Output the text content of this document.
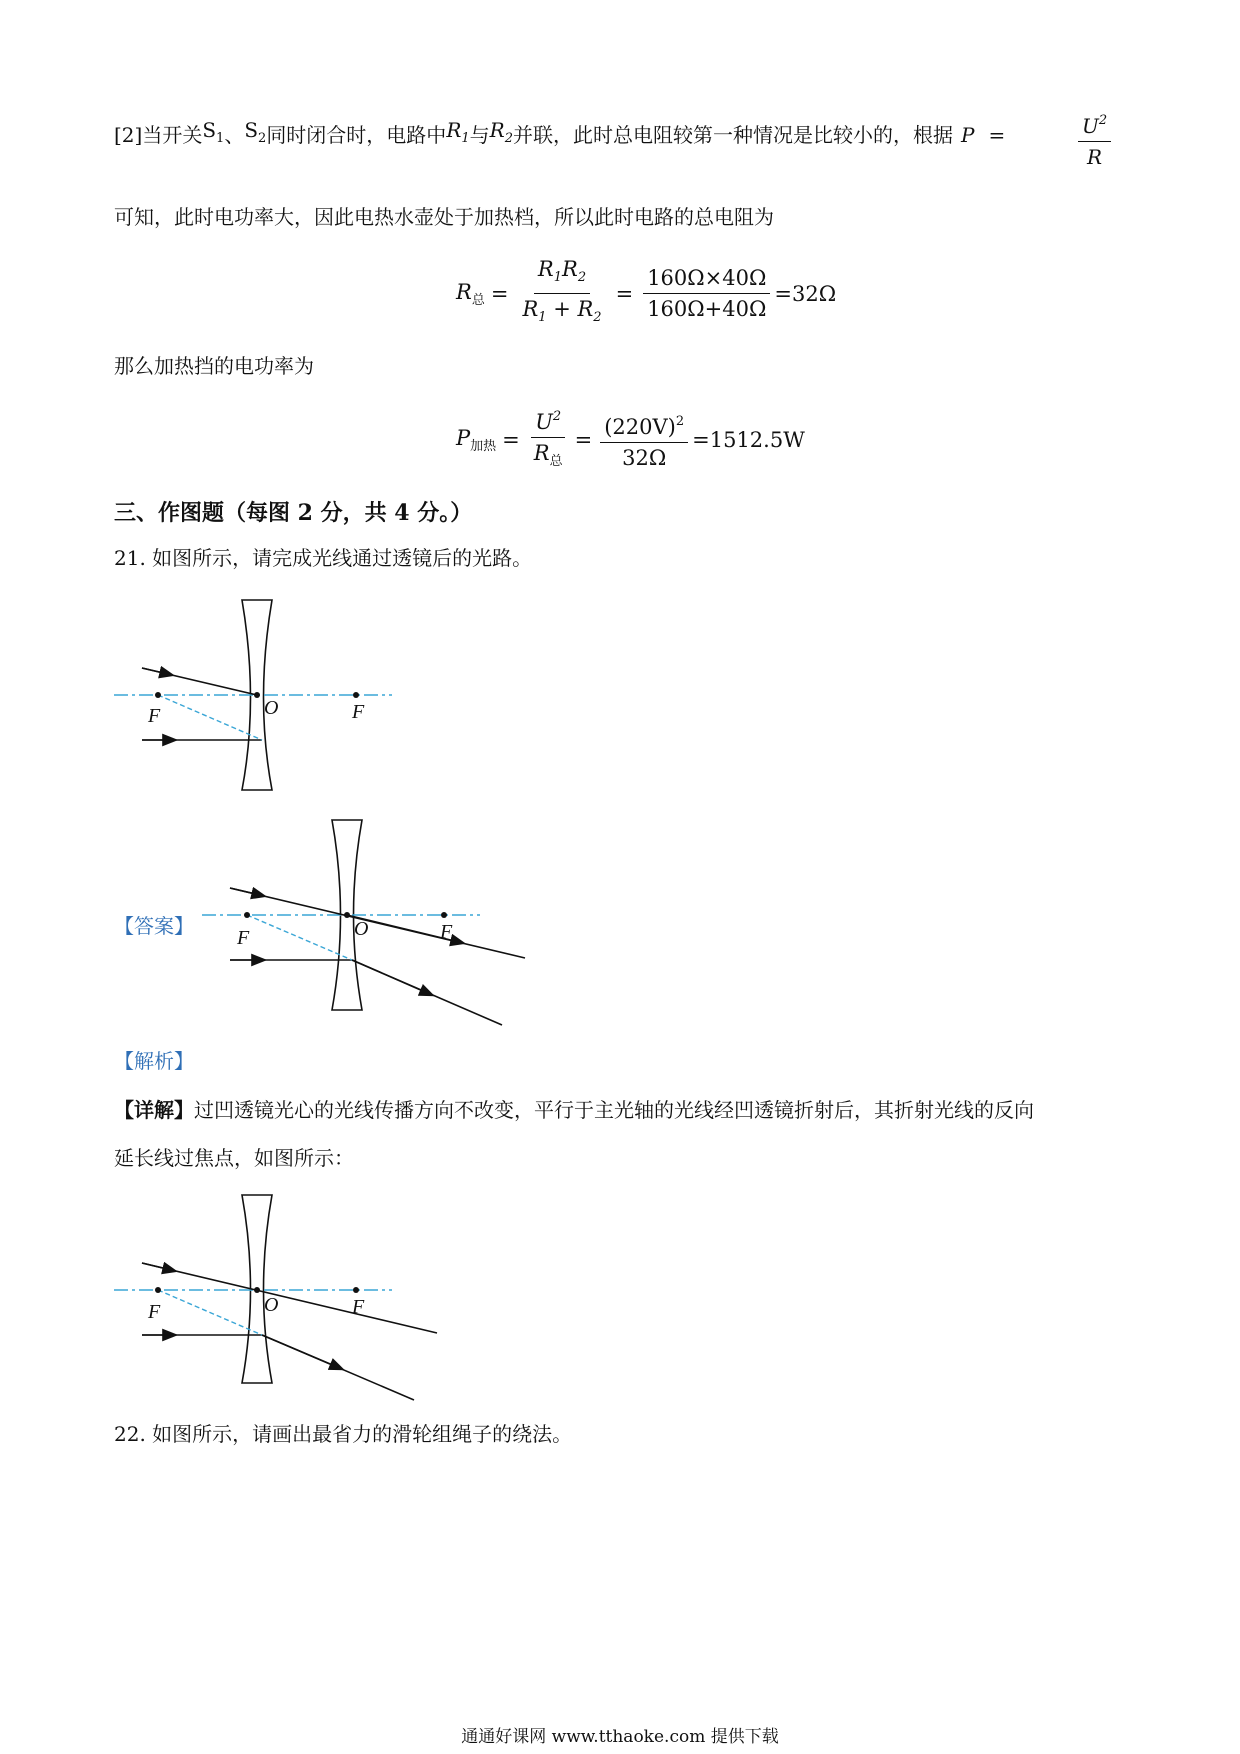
[2]当开关 $S_1$ 、 $S_2$ 同时闭合时，电路中 $R_1$ 与 $R_2$ 并联，此时总电阻较第一种情况是比较小的，根据 P =	$\frac{U^2}{R}$
可知，此时电功率大，因此电热水壶处于加热档，所以此时电路的总电阻为
$R_总 = \frac{R_1R_2}{R_1 + R_2} = \frac{160\Omega\times 40\Omega}{160\Omega+40\Omega} =32\Omega$
那么加热挡的电功率为
$P_{加热} = \frac{U^2}{R_总} = \frac{(220V)^2}{32\Omega} =1512.5W$
三、作图题（每图 2 分，共 4 分。）
21. 如图所示，请完成光线通过透镜后的光路。
F	O	F
F	O	F
F	O	F
【答案】
【解析】
【详解】过凹透镜光心的光线传播方向不改变，平行于主光轴的光线经凹透镜折射后，其折射光线的反向
延长线过焦点，如图所示：
22. 如图所示，请画出最省力的滑轮组绳子的绕法。
通通好课网 www.tthaoke.com 提供下载
